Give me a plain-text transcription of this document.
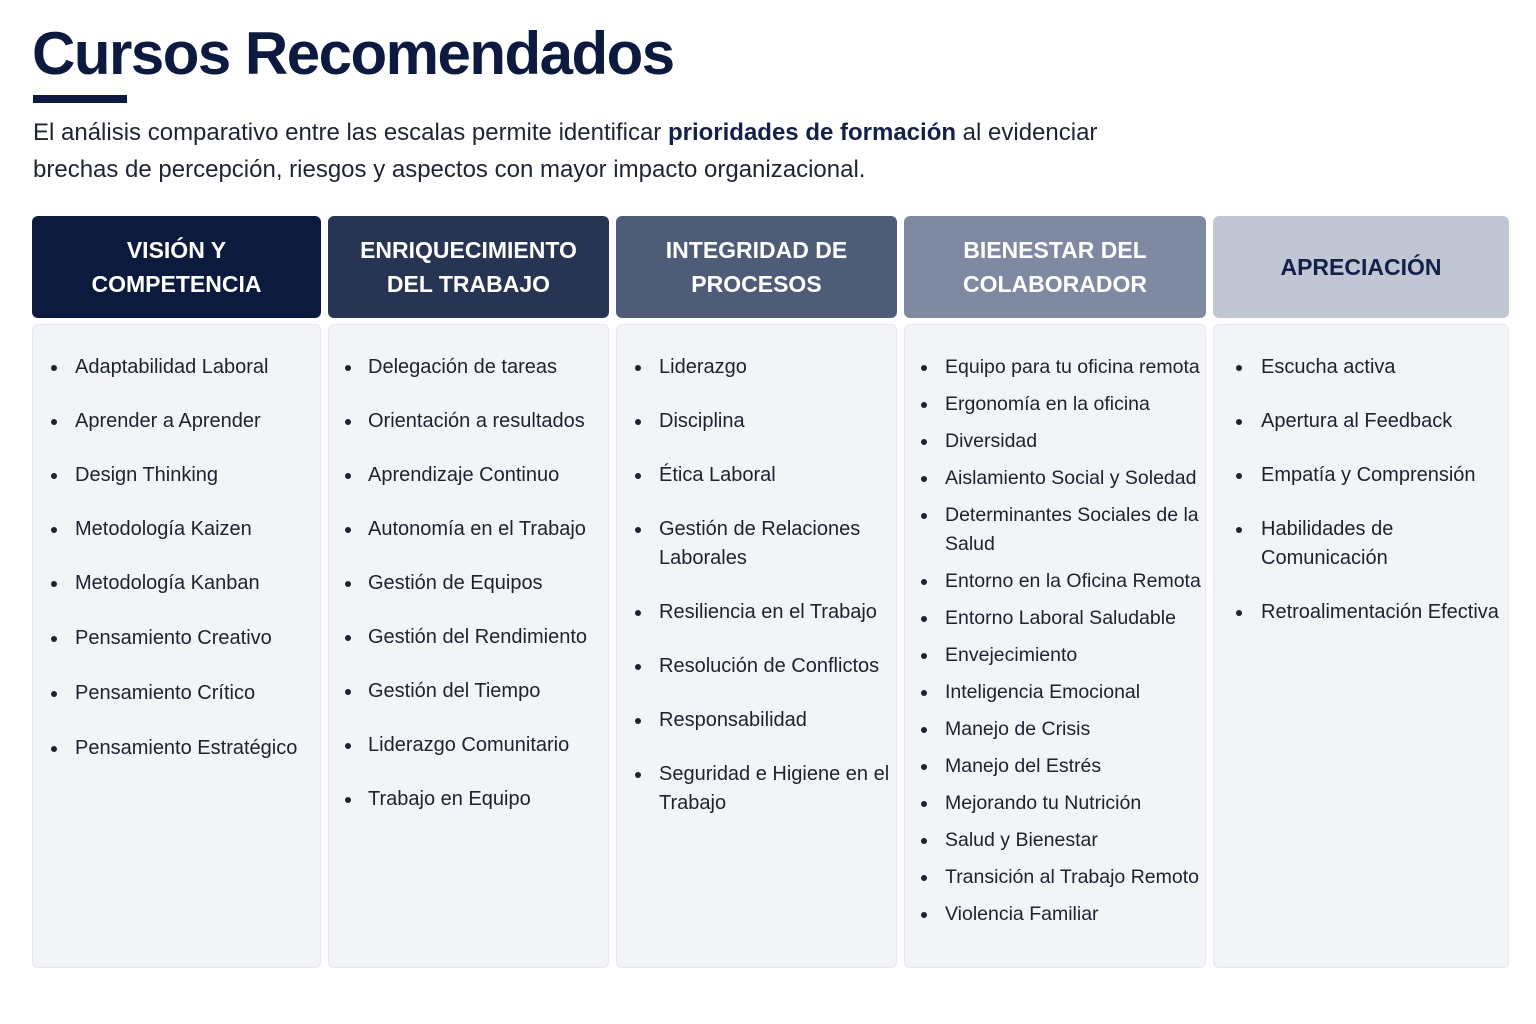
Cursos Recomendados

El análisis comparativo entre las escalas permite identificar prioridades de formación al evidenciar brechas de percepción, riesgos y aspectos con mayor impacto organizacional.

VISIÓN Y
COMPETENCIA
Adaptabilidad Laboral
Aprender a Aprender
Design Thinking
Metodología Kaizen
Metodología Kanban
Pensamiento Creativo
Pensamiento Crítico
Pensamiento Estratégico
ENRIQUECIMIENTO
DEL TRABAJO
Delegación de tareas
Orientación a resultados
Aprendizaje Continuo
Autonomía en el Trabajo
Gestión de Equipos
Gestión del Rendimiento
Gestión del Tiempo
Liderazgo Comunitario
Trabajo en Equipo
INTEGRIDAD DE
PROCESOS
Liderazgo
Disciplina
Ética Laboral
Gestión de Relaciones Laborales
Resiliencia en el Trabajo
Resolución de Conflictos
Responsabilidad
Seguridad e Higiene en el Trabajo
BIENESTAR DEL
COLABORADOR
Equipo para tu oficina remota
Ergonomía en la oficina
Diversidad
Aislamiento Social y Soledad
Determinantes Sociales de la Salud
Entorno en la Oficina Remota
Entorno Laboral Saludable
Envejecimiento
Inteligencia Emocional
Manejo de Crisis
Manejo del Estrés
Mejorando tu Nutrición
Salud y Bienestar
Transición al Trabajo Remoto
Violencia Familiar
APRECIACIÓN
Escucha activa
Apertura al Feedback
Empatía y Comprensión
Habilidades de Comunicación
Retroalimentación Efectiva
